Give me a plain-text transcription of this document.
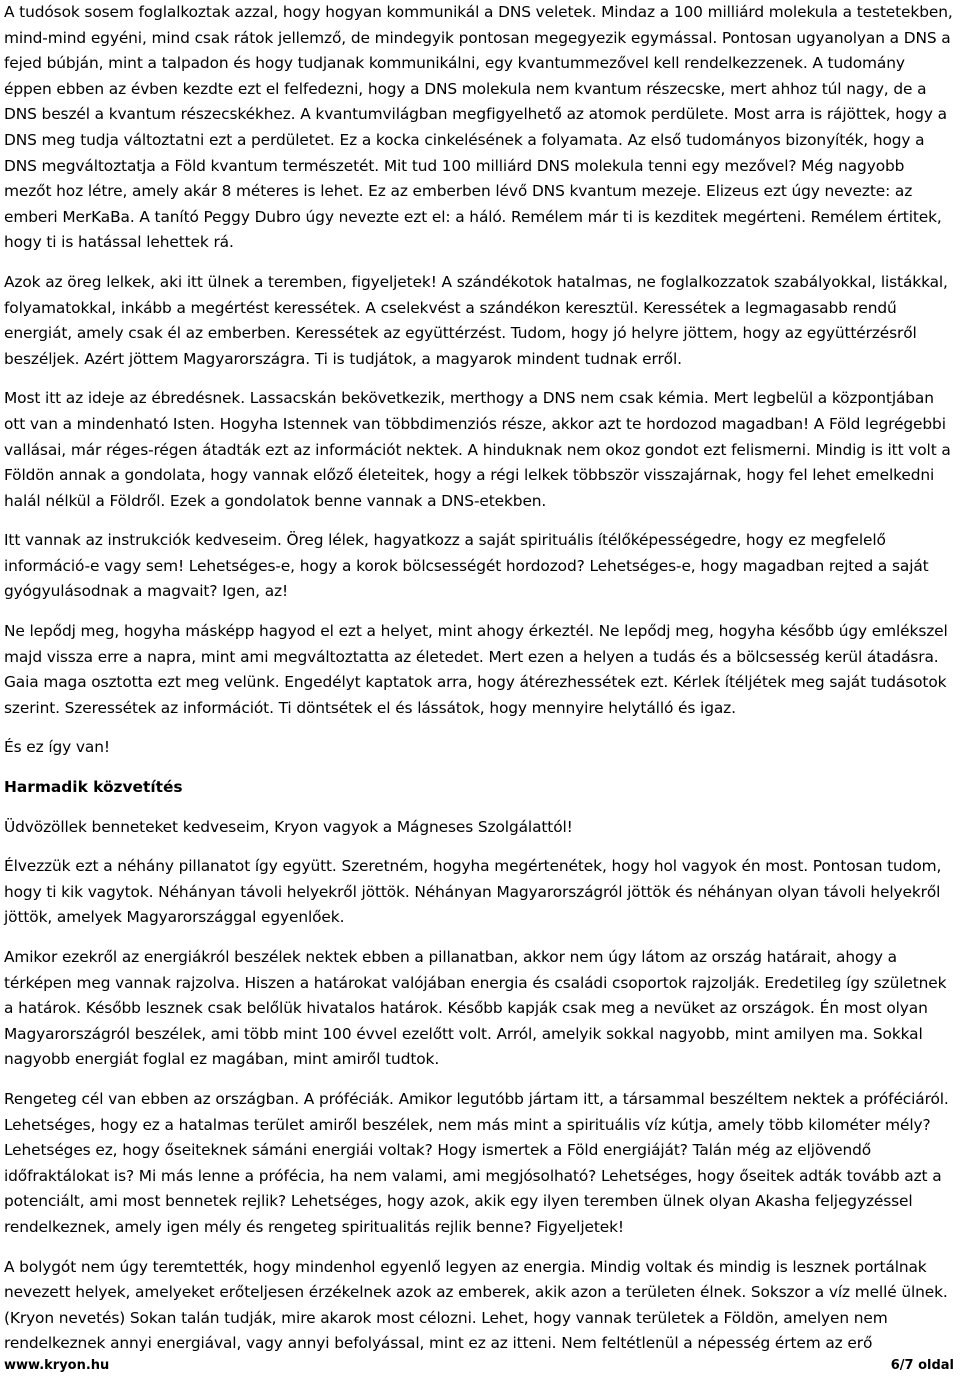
A tudósok sosem foglalkoztak azzal, hogy hogyan kommunikál a DNS veletek. Mindaz a 100 milliárd molekula a testetekben, mind-mind egyéni, mind csak rátok jellemző, de mindegyik pontosan megegyezik egymással. Pontosan ugyanolyan a DNS a fejed búbján, mint a talpadon és hogy tudjanak kommunikálni, egy kvantummezővel kell rendelkezzenek. A tudomány éppen ebben az évben kezdte ezt el felfedezni, hogy a DNS molekula nem kvantum részecske, mert ahhoz túl nagy, de a DNS beszél a kvantum részecskékhez. A kvantumvilágban megfigyelhető az atomok perdülete. Most arra is rájöttek, hogy a DNS meg tudja változtatni ezt a perdületet. Ez a kocka cinkelésének a folyamata. Az első tudományos bizonyíték, hogy a DNS megváltoztatja a Föld kvantum természetét. Mit tud 100 milliárd DNS molekula tenni egy mezővel? Még nagyobb mezőt hoz létre, amely akár 8 méteres is lehet. Ez az emberben lévő DNS kvantum mezeje. Elizeus ezt úgy nevezte: az emberi MerKaBa. A tanító Peggy Dubro úgy nevezte ezt el: a háló. Remélem már ti is kezditek megérteni. Remélem értitek, hogy ti is hatással lehettek rá.

Azok az öreg lelkek, aki itt ülnek a teremben, figyeljetek! A szándékotok hatalmas, ne foglalkozzatok szabályokkal, listákkal, folyamatokkal, inkább a megértést keressétek. A cselekvést a szándékon keresztül. Keressétek a legmagasabb rendű energiát, amely csak él az emberben. Keressétek az együttérzést. Tudom, hogy jó helyre jöttem, hogy az együttérzésről beszéljek. Azért jöttem Magyarországra. Ti is tudjátok, a magyarok mindent tudnak erről.

Most itt az ideje az ébredésnek. Lassacskán bekövetkezik, merthogy a DNS nem csak kémia. Mert legbelül a központjában ott van a mindenható Isten. Hogyha Istennek van többdimenziós része, akkor azt te hordozod magadban! A Föld legrégebbi vallásai, már réges-régen átadták ezt az információt nektek. A hinduknak nem okoz gondot ezt felismerni. Mindig is itt volt a Földön annak a gondolata, hogy vannak előző életeitek, hogy a régi lelkek többször visszajárnak, hogy fel lehet emelkedni halál nélkül a Földről. Ezek a gondolatok benne vannak a DNS-etekben.

Itt vannak az instrukciók kedveseim. Öreg lélek, hagyatkozz a saját spirituális ítélőképességedre, hogy ez megfelelő információ-e vagy sem! Lehetséges-e, hogy a korok bölcsességét hordozod? Lehetséges-e, hogy magadban rejted a saját gyógyulásodnak a magvait? Igen, az!

Ne lepődj meg, hogyha másképp hagyod el ezt a helyet, mint ahogy érkeztél. Ne lepődj meg, hogyha később úgy emlékszel majd vissza erre a napra, mint ami megváltoztatta az életedet. Mert ezen a helyen a tudás és a bölcsesség kerül átadásra. Gaia maga osztotta ezt meg velünk. Engedélyt kaptatok arra, hogy átérezhessétek ezt. Kérlek ítéljétek meg saját tudásotok szerint. Szeressétek az információt. Ti döntsétek el és lássátok, hogy mennyire helytálló és igaz.

És ez így van!

Harmadik közvetítés

Üdvözöllek benneteket kedveseim, Kryon vagyok a Mágneses Szolgálattól!

Élvezzük ezt a néhány pillanatot így együtt. Szeretném, hogyha megértenétek, hogy hol vagyok én most. Pontosan tudom, hogy ti kik vagytok. Néhányan távoli helyekről jöttök. Néhányan Magyarországról jöttök és néhányan olyan távoli helyekről jöttök, amelyek Magyarországgal egyenlőek.

Amikor ezekről az energiákról beszélek nektek ebben a pillanatban, akkor nem úgy látom az ország határait, ahogy a térképen meg vannak rajzolva. Hiszen a határokat valójában energia és családi csoportok rajzolják. Eredetileg így születnek a határok. Később lesznek csak belőlük hivatalos határok. Később kapják csak meg a nevüket az országok. Én most olyan Magyarországról beszélek, ami több mint 100 évvel ezelőtt volt. Arról, amelyik sokkal nagyobb, mint amilyen ma. Sokkal nagyobb energiát foglal ez magában, mint amiről tudtok.

Rengeteg cél van ebben az országban. A próféciák. Amikor legutóbb jártam itt, a társammal beszéltem nektek a próféciáról. Lehetséges, hogy ez a hatalmas terület amiről beszélek, nem más mint a spirituális víz kútja, amely több kilométer mély? Lehetséges ez, hogy őseiteknek sámáni energiái voltak? Hogy ismertek a Föld energiáját? Talán még az eljövendő időfraktálokat is? Mi más lenne a prófécia, ha nem valami, ami megjósolható? Lehetséges, hogy őseitek adták tovább azt a potenciált, ami most bennetek rejlik? Lehetséges, hogy azok, akik egy ilyen teremben ülnek olyan Akasha feljegyzéssel rendelkeznek, amely igen mély és rengeteg spiritualitás rejlik benne? Figyeljetek!

A bolygót nem úgy teremtették, hogy mindenhol egyenlő legyen az energia. Mindig voltak és mindig is lesznek portálnak nevezett helyek, amelyeket erőteljesen érzékelnek azok az emberek, akik azon a területen élnek. Sokszor a víz mellé ülnek. (Kryon nevetés) Sokan talán tudják, mire akarok most célozni. Lehet, hogy vannak területek a Földön, amelyen nem rendelkeznek annyi energiával, vagy annyi befolyással, mint ez az itteni. Nem feltétlenül a népesség értem az erő

www.kryon.hu	6/7 oldal
